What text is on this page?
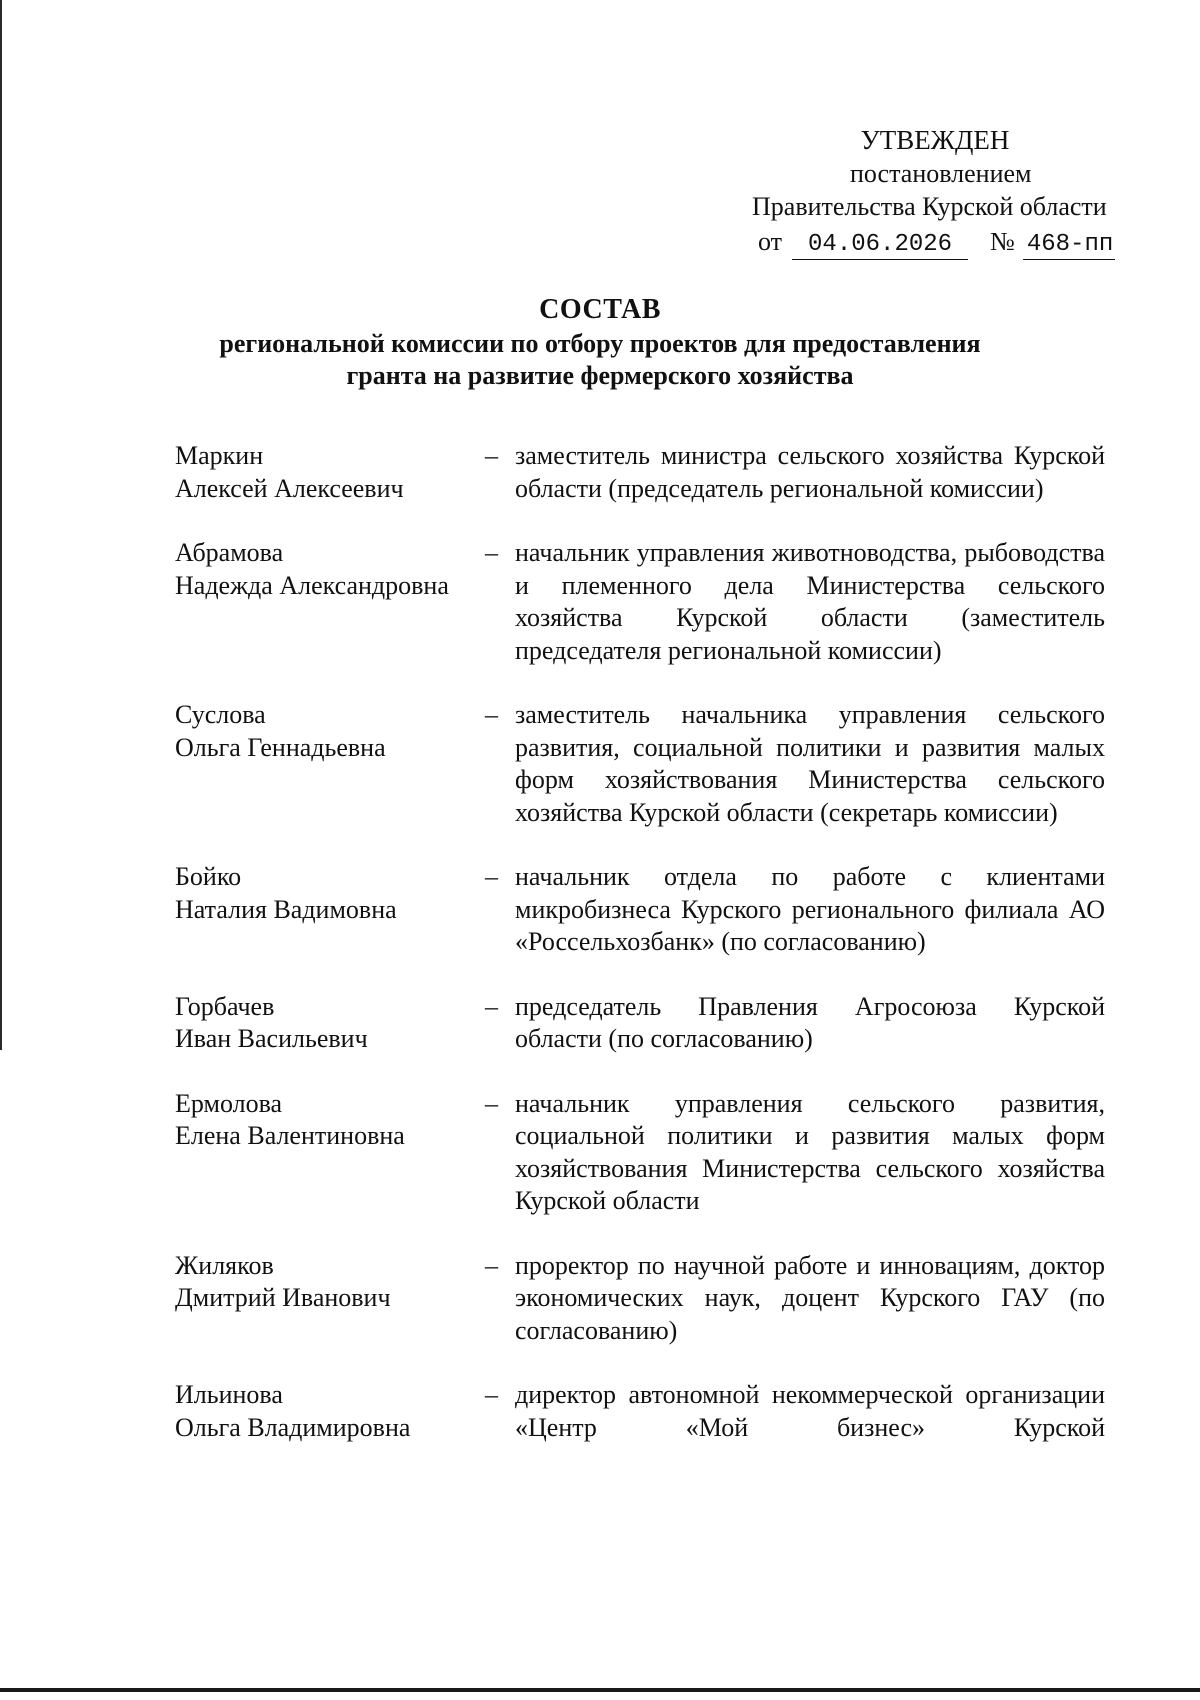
УТВЕЖДЕН
постановлением
Правительства Курской области
от 04.06.2026 № 468-пп
СОСТАВ
региональной комиссии по отбору проектов для предоставления
гранта на развитие фермерского хозяйства
Маркин
Алексей Алексеевич
– заместитель министра сельского хозяйства Курской области (председатель региональной комиссии)
Абрамова
Надежда Александровна
– начальник управления животноводства, рыбоводства и племенного дела Министерства сельского хозяйства Курской области (заместитель председателя региональной комиссии)
Суслова
Ольга Геннадьевна
– заместитель начальника управления сельского развития, социальной политики и развития малых форм хозяйствования Министерства сельского хозяйства Курской области (секретарь комиссии)
Бойко
Наталия Вадимовна
– начальник отдела по работе с клиентами микробизнеса Курского регионального филиала АО «Россельхозбанк» (по согласованию)
Горбачев
Иван Васильевич
– председатель Правления Агросоюза Курской области (по согласованию)
Ермолова
Елена Валентиновна
– начальник управления сельского развития, социальной политики и развития малых форм хозяйствования Министерства сельского хозяйства Курской области
Жиляков
Дмитрий Иванович
– проректор по научной работе и инновациям, доктор экономических наук, доцент Курского ГАУ (по согласованию)
Ильинова
Ольга Владимировна
– директор автономной некоммерческой организации «Центр «Мой бизнес» Курской
